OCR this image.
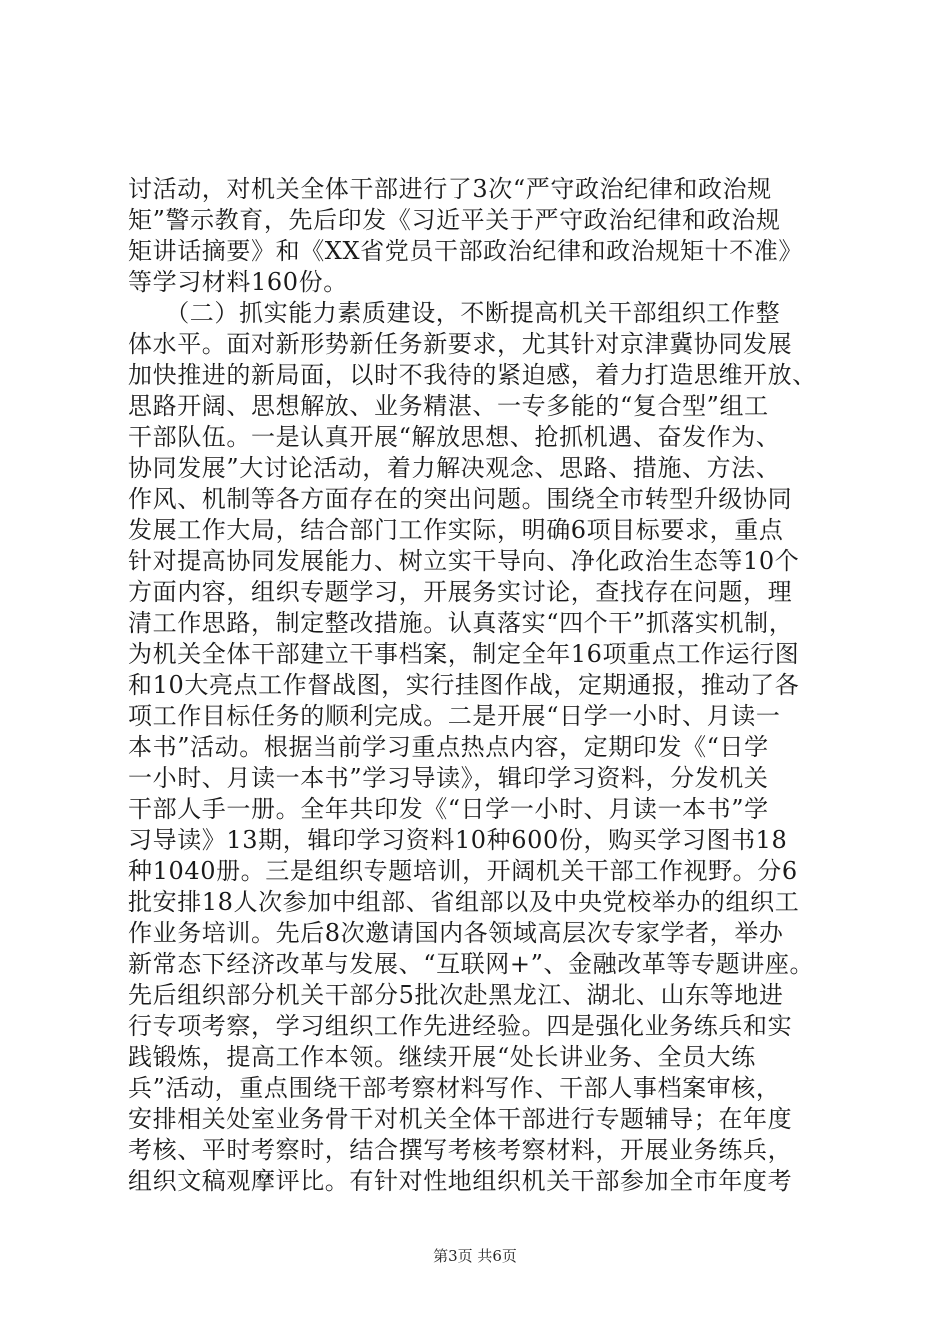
讨活动，对机关全体干部进行了3次“严守政治纪律和政治规
矩”警示教育，先后印发《习近平关于严守政治纪律和政治规
矩讲话摘要》和《XX省党员干部政治纪律和政治规矩十不准》
等学习材料160份。
　　（二）抓实能力素质建设，不断提高机关干部组织工作整
体水平。面对新形势新任务新要求，尤其针对京津冀协同发展
加快推进的新局面，以时不我待的紧迫感，着力打造思维开放、
思路开阔、思想解放、业务精湛、一专多能的“复合型”组工
干部队伍。一是认真开展“解放思想、抢抓机遇、奋发作为、
协同发展”大讨论活动，着力解决观念、思路、措施、方法、
作风、机制等各方面存在的突出问题。围绕全市转型升级协同
发展工作大局，结合部门工作实际，明确6项目标要求，重点
针对提高协同发展能力、树立实干导向、净化政治生态等10个
方面内容，组织专题学习，开展务实讨论，查找存在问题，理
清工作思路，制定整改措施。认真落实“四个干”抓落实机制，
为机关全体干部建立干事档案，制定全年16项重点工作运行图
和10大亮点工作督战图，实行挂图作战，定期通报，推动了各
项工作目标任务的顺利完成。二是开展“日学一小时、月读一
本书”活动。根据当前学习重点热点内容，定期印发《“日学
一小时、月读一本书”学习导读》，辑印学习资料，分发机关
干部人手一册。全年共印发《“日学一小时、月读一本书”学
习导读》13期，辑印学习资料10种600份，购买学习图书18
种1040册。三是组织专题培训，开阔机关干部工作视野。分6
批安排18人次参加中组部、省组部以及中央党校举办的组织工
作业务培训。先后8次邀请国内各领域高层次专家学者，举办
新常态下经济改革与发展、“互联网+”、金融改革等专题讲座。
先后组织部分机关干部分5批次赴黑龙江、湖北、山东等地进
行专项考察，学习组织工作先进经验。四是强化业务练兵和实
践锻炼，提高工作本领。继续开展“处长讲业务、全员大练
兵”活动，重点围绕干部考察材料写作、干部人事档案审核，
安排相关处室业务骨干对机关全体干部进行专题辅导；在年度
考核、平时考察时，结合撰写考核考察材料，开展业务练兵，
组织文稿观摩评比。有针对性地组织机关干部参加全市年度考
第3页 共6页
